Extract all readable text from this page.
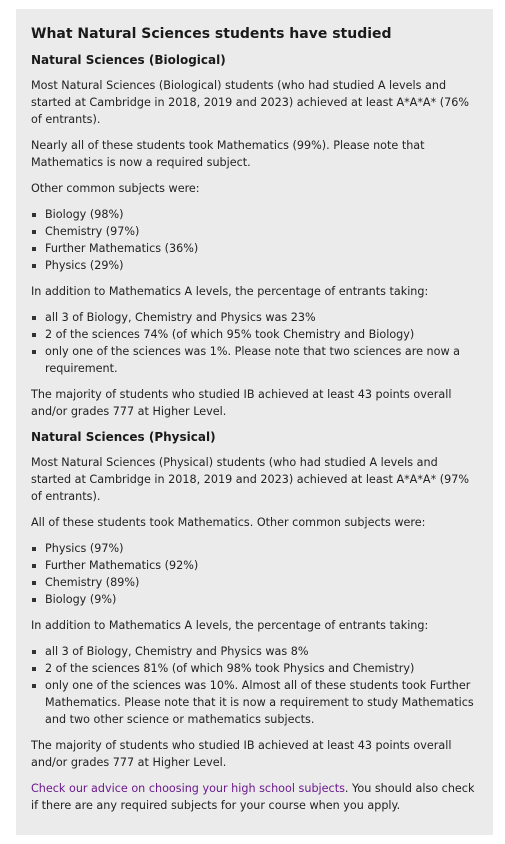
What Natural Sciences students have studied
Natural Sciences (Biological)

Most Natural Sciences (Biological) students (who had studied A levels and started at Cambridge in 2018, 2019 and 2023) achieved at least A*A*A* (76% of entrants).

Nearly all of these students took Mathematics (99%). Please note that Mathematics is now a required subject.

Other common subjects were:

Biology (98%)
Chemistry (97%)
Further Mathematics (36%)
Physics (29%)

In addition to Mathematics A levels, the percentage of entrants taking:

all 3 of Biology, Chemistry and Physics was 23%
2 of the sciences 74% (of which 95% took Chemistry and Biology)
only one of the sciences was 1%. Please note that two sciences are now a requirement.

The majority of students who studied IB achieved at least 43 points overall and/or grades 777 at Higher Level.

Natural Sciences (Physical)

Most Natural Sciences (Physical) students (who had studied A levels and started at Cambridge in 2018, 2019 and 2023) achieved at least A*A*A* (97% of entrants).

All of these students took Mathematics. Other common subjects were:

Physics (97%)
Further Mathematics (92%)
Chemistry (89%)
Biology (9%)

In addition to Mathematics A levels, the percentage of entrants taking:

all 3 of Biology, Chemistry and Physics was 8%
2 of the sciences 81% (of which 98% took Physics and Chemistry)
only one of the sciences was 10%. Almost all of these students took Further Mathematics. Please note that it is now a requirement to study Mathematics and two other science or mathematics subjects.

The majority of students who studied IB achieved at least 43 points overall and/or grades 777 at Higher Level.

Check our advice on choosing your high school subjects. You should also check if there are any required subjects for your course when you apply.
